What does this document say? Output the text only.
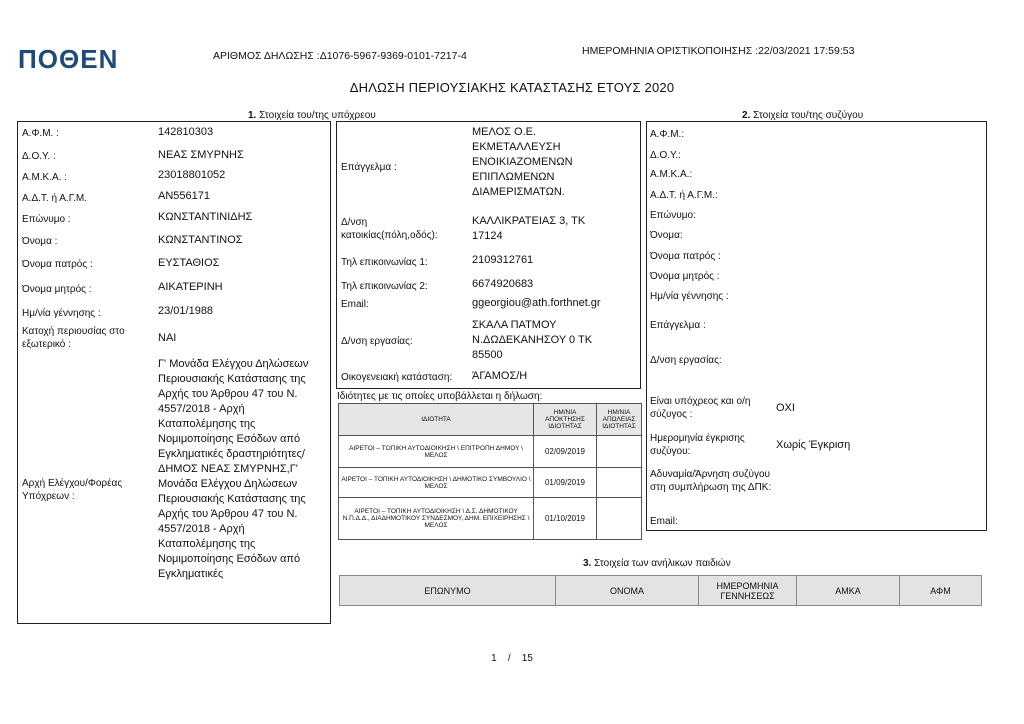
ΠΟΘΕΝ	ΑΡΙΘΜΟΣ ΔΗΛΩΣΗΣ :Δ1076-5967-9369-0101-7217-4	ΗΜΕΡΟΜΗΝΙΑ ΟΡΙΣΤΙΚΟΠΟΙΗΣΗΣ :22/03/2021 17:59:53
ΔΗΛΩΣΗ ΠΕΡΙΟΥΣΙΑΚΗΣ ΚΑΤΑΣΤΑΣΗΣ ΕΤΟΥΣ 2020
1. Στοιχεία του/της υπόχρεου	2. Στοιχεία του/της συζύγου
Α.Φ.Μ. :	142810303
Δ.Ο.Υ. :	ΝΕΑΣ ΣΜΥΡΝΗΣ
Α.Μ.Κ.Α. :	23018801052
Α.Δ.Τ. ή Α.Γ.Μ.	ΑΝ556171
Επώνυμο :	ΚΩΝΣΤΑΝΤΙΝΙΔΗΣ
Όνομα :	ΚΩΝΣΤΑΝΤΙΝΟΣ
Όνομα πατρός :	ΕΥΣΤΑΘΙΟΣ
Όνομα μητρός :	ΑΙΚΑΤΕΡΙΝΗ
Ημ/νία γέννησης :	23/01/1988
Κατοχή περιουσίας στο εξωτερικό :
ΝΑΙ
Αρχή Ελέγχου/Φορέας Υπόχρεων :
Γ' Μονάδα Ελέγχου Δηλώσεων Περιουσιακής Κατάστασης της Αρχής του Άρθρου 47 του Ν. 4557/2018 - Αρχή Καταπολέμησης της Νομιμοποίησης Εσόδων από Εγκληματικές δραστηριότητες/ΔΗΜΟΣ ΝΕΑΣ ΣΜΥΡΝΗΣ,Γ' Μονάδα Ελέγχου Δηλώσεων Περιουσιακής Κατάστασης της Αρχής του Άρθρου 47 του Ν. 4557/2018 - Αρχή Καταπολέμησης της Νομιμοποίησης Εσόδων από Εγκληματικές
Επάγγελμα :
ΜΕΛΟΣ Ο.Ε. ΕΚΜΕΤΑΛΛΕΥΣΗ ΕΝΟΙΚΙΑΖΟΜΕΝΩΝ ΕΠΙΠΛΩΜΕΝΩΝ ΔΙΑΜΕΡΙΣΜΑΤΩΝ.
Δ/νση κατοικίας(πόλη,οδός):
ΚΑΛΛΙΚΡΑΤΕΙΑΣ 3, ΤΚ 17124
Τηλ επικοινωνίας 1:	2109312761
Τηλ επικοινωνίας 2:	6674920683
Email:	ggeorgiou@ath.forthnet.gr
Δ/νση εργασίας:
ΣΚΑΛΑ ΠΑΤΜΟΥ Ν.ΔΩΔΕΚΑΝΗΣΟΥ 0 ΤΚ 85500
Οικογενειακή κατάσταση: ΆΓΑΜΟΣ/Η
Ιδιότητες με τις οποίες υποβάλλεται η δήλωση:
ΙΔΙΟΤΗΤΑ	ΗΜ/ΝΙΑ ΑΠΟΚΤΗΣΗΣ ΙΔΙΟΤΗΤΑΣ	ΗΜ/ΝΙΑ ΑΠΩΛΕΙΑΣ ΙΔΙΟΤΗΤΑΣ
ΑΙΡΕΤΟΙ – ΤΟΠΙΚΗ ΑΥΤΟΔΙΟΙΚΗΣΗ \ ΕΠΙΤΡΟΠΗ ΔΗΜΟΥ \ ΜΕΛΟΣ	02/09/2019	
ΑΙΡΕΤΟΙ – ΤΟΠΙΚΗ ΑΥΤΟΔΙΟΙΚΗΣΗ \ ΔΗΜΟΤΙΚΟ ΣΥΜΒΟΥΛΙΟ \ ΜΕΛΟΣ	01/09/2019	
ΑΙΡΕΤΟΙ – ΤΟΠΙΚΗ ΑΥΤΟΔΙΟΙΚΗΣΗ \ Δ.Σ. ΔΗΜΟΤΙΚΟΥ Ν.Π.Δ.Δ., ΔΙΑΔΗΜΟΤΙΚΟΥ ΣΥΝΔΕΣΜΟΥ, ΔΗΜ. ΕΠΙΧΕΙΡΗΣΗΣ \ ΜΕΛΟΣ	01/10/2019	
Α.Φ.Μ.:
Δ.Ο.Υ.:
Α.Μ.Κ.Α.:
Α.Δ.Τ. ή Α.Γ.Μ.:
Επώνυμο:
Όνομα:
Όνομα πατρός :
Όνομα μητρός :
Ημ/νία γέννησης :
Επάγγελμα :
Δ/νση εργασίας:
Είναι υπόχρεος και ο/η σύζυγος :
ΟΧΙ
Ημερομηνία έγκρισης συζύγου:
Χωρίς Έγκριση
Αδυναμία/Άρνηση συζύγου στη συμπλήρωση της ΔΠΚ:
Email:
3. Στοιχεία των ανήλικων παιδιών
ΕΠΩΝΥΜΟ	ΟΝΟΜΑ	ΗΜΕΡΟΜΗΝΙΑ ΓΕΝΝΗΣΕΩΣ	ΑΜΚΑ	ΑΦΜ
1 / 15
